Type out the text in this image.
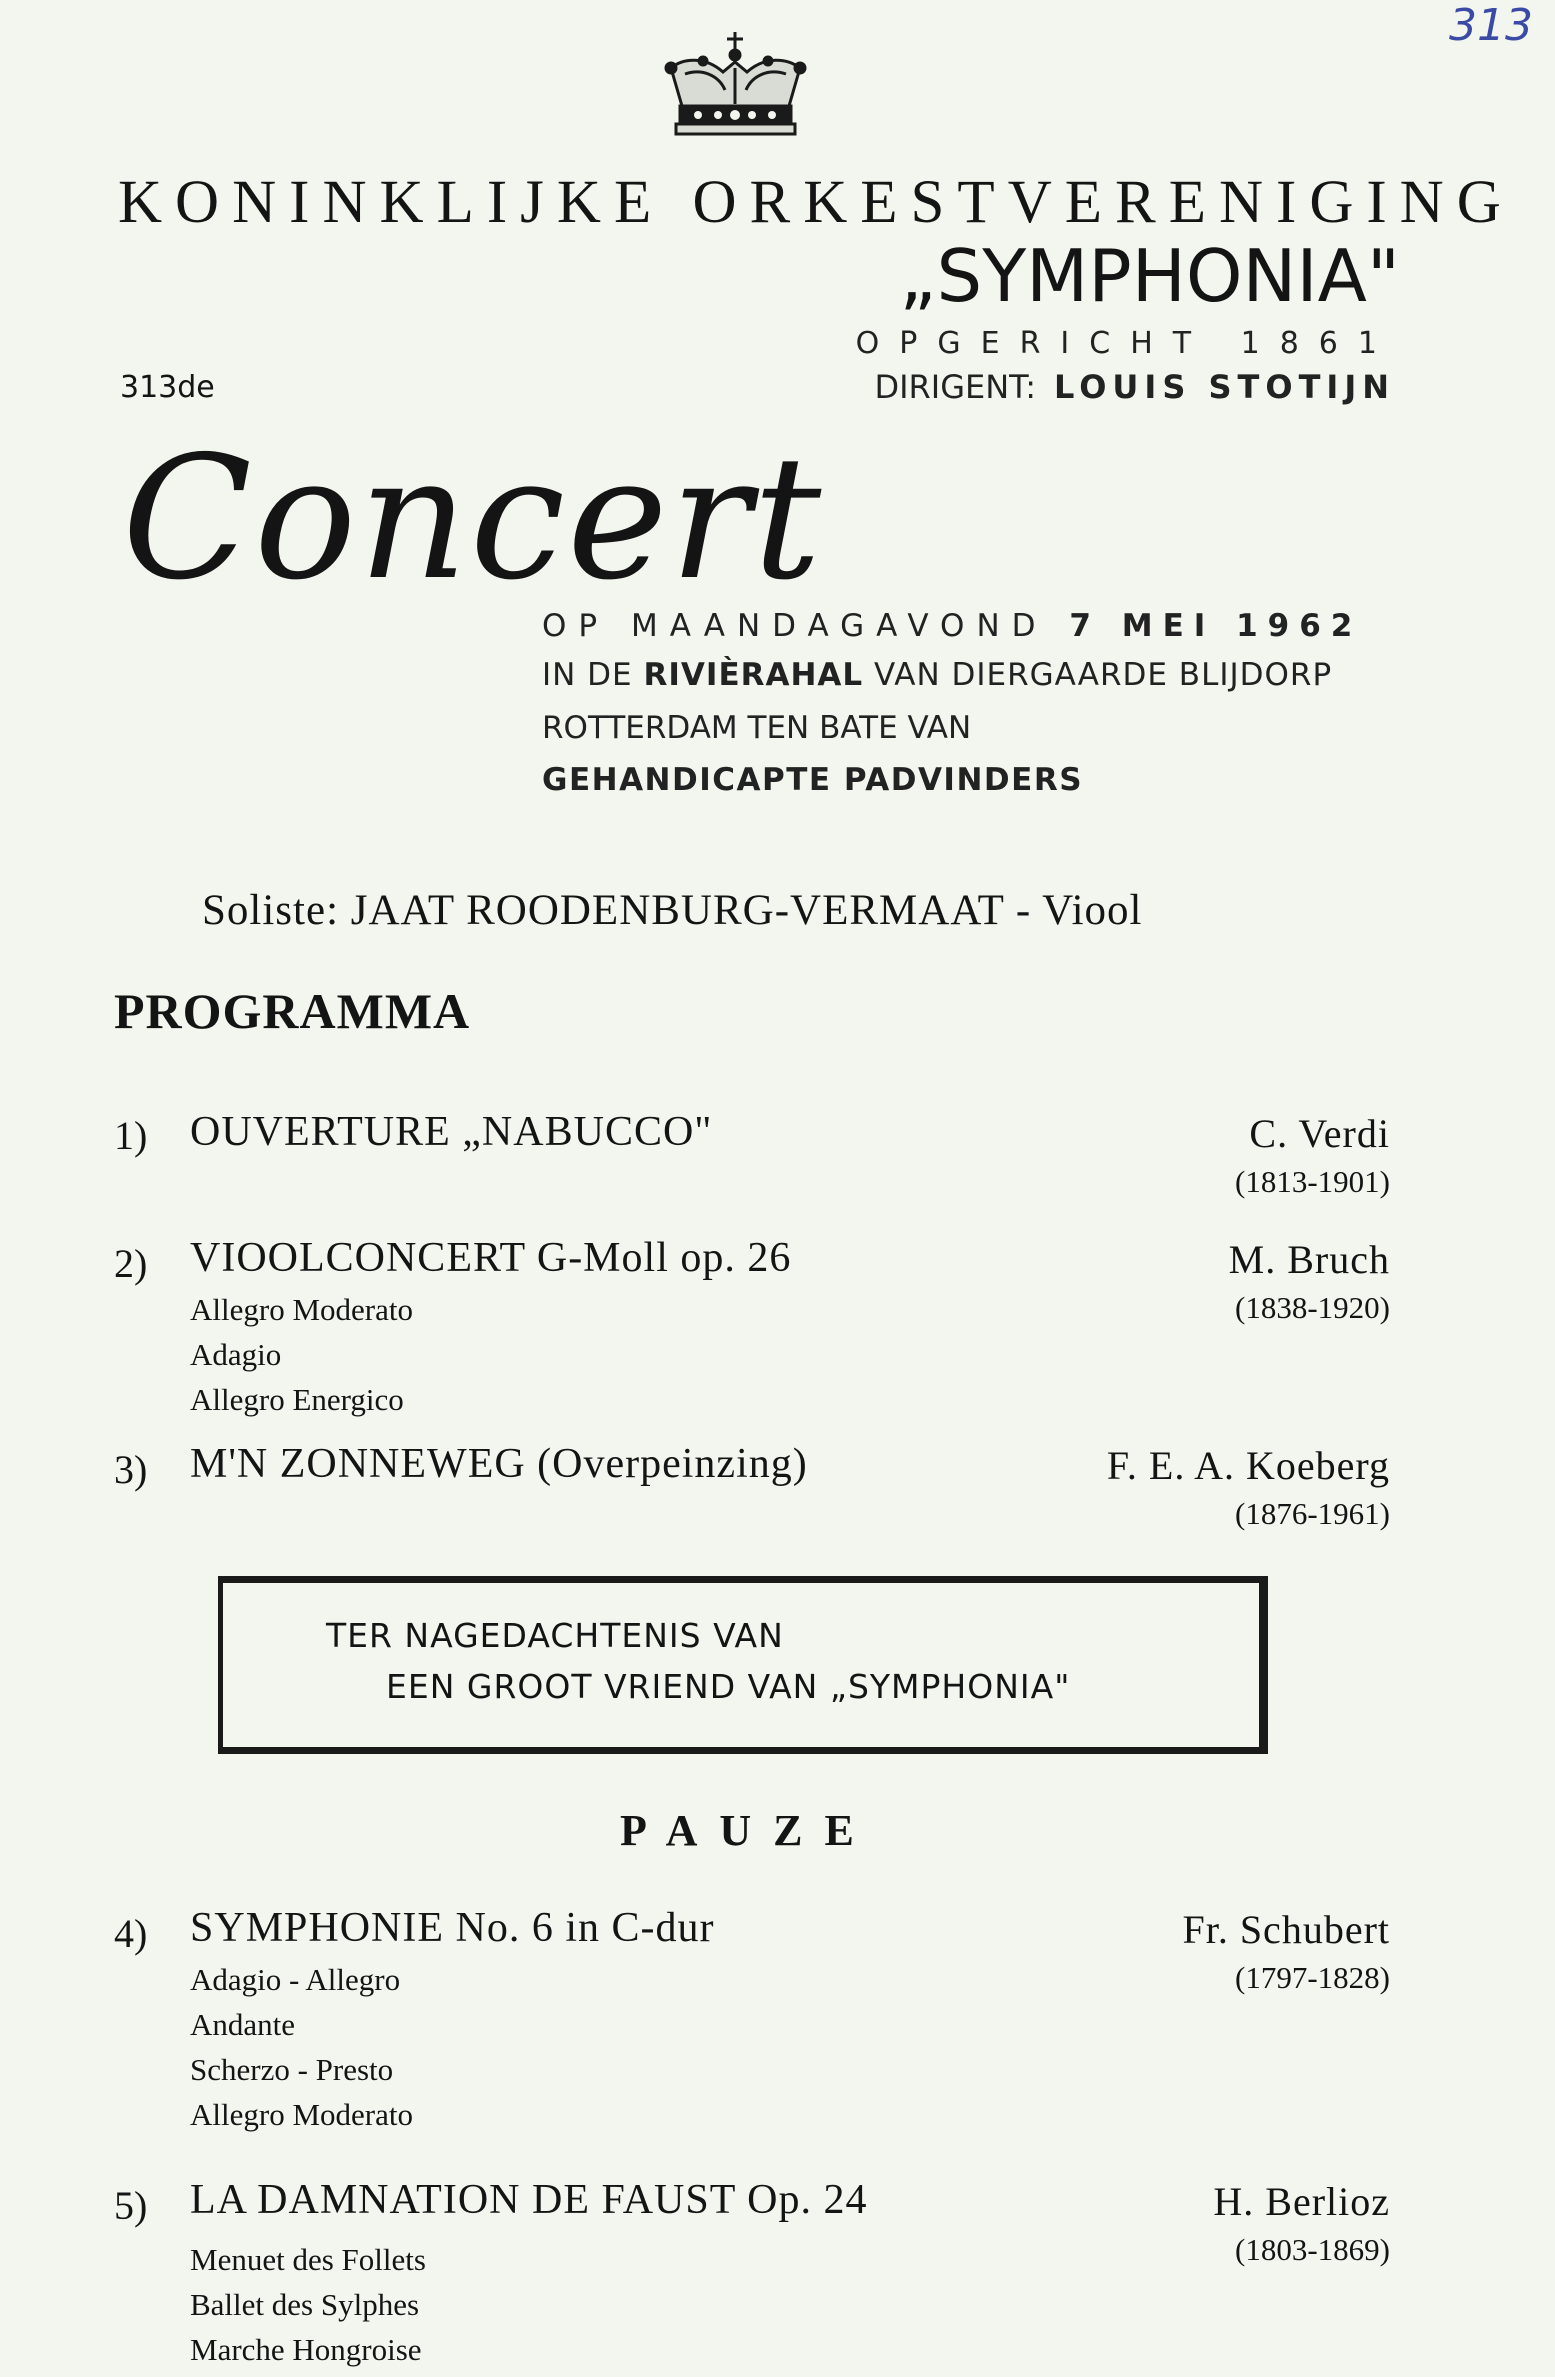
313
KONINKLIJKE ORKESTVERENIGING
„SYMPHONIA"
OPGERICHT 1861
DIRIGENT: LOUIS STOTIJN
313de
Concert
OP MAANDAGAVOND 7 MEI 1962
IN DE RIVIÈRAHAL VAN DIERGAARDE BLIJDORP
ROTTERDAM TEN BATE VAN
GEHANDICAPTE PADVINDERS
Soliste: JAAT ROODENBURG-VERMAAT - Viool
PROGRAMMA
1) OUVERTURE „NABUCCO"	C. Verdi
(1813-1901)
2) VIOOLCONCERT G-Moll op. 26	M. Bruch
(1838-1920)
Allegro Moderato
Adagio
Allegro Energico
3) M'N ZONNEWEG (Overpeinzing)	F. E. A. Koeberg
(1876-1961)
TER NAGEDACHTENIS VAN
EEN GROOT VRIEND VAN „SYMPHONIA"
PAUZE
4) SYMPHONIE No. 6 in C-dur	Fr. Schubert
(1797-1828)
Adagio - Allegro
Andante
Scherzo - Presto
Allegro Moderato
5) LA DAMNATION DE FAUST Op. 24	H. Berlioz
(1803-1869)
Menuet des Follets
Ballet des Sylphes
Marche Hongroise
